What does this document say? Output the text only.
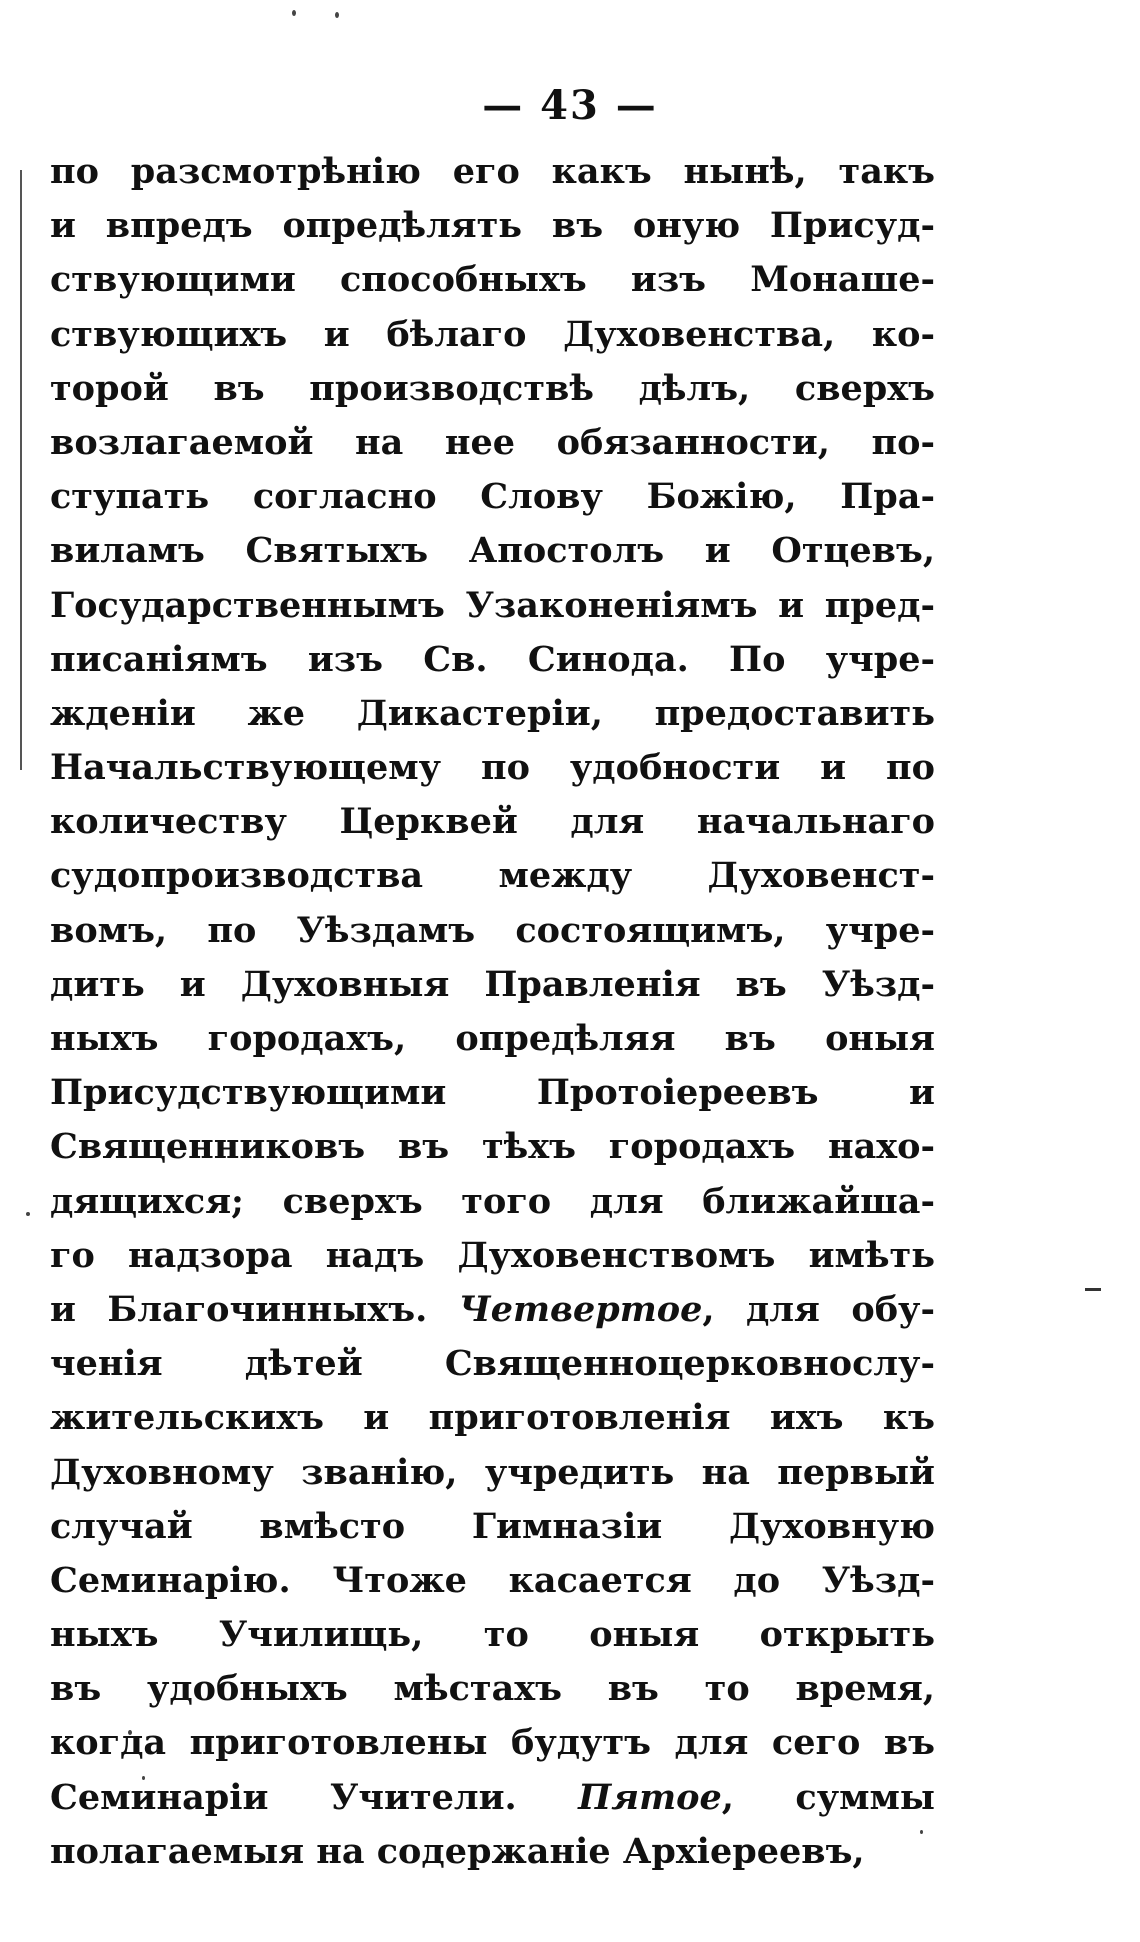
— 43 —
по разсмотрѣнію его какъ нынѣ, такъ
и впредъ опредѣлять въ оную Присуд-
ствующими способныхъ изъ Монаше-
ствующихъ и бѣлаго Духовенства, ко-
торой въ производствѣ дѣлъ, сверхъ
возлагаемой на нее обязанности, по-
ступать согласно Слову Божію, Пра-
виламъ Святыхъ Апостолъ и Отцевъ,
Государственнымъ Узаконеніямъ и пред-
писаніямъ изъ Св. Синода. По учре-
жденіи же Дикастеріи, предоставить
Начальствующему по удобности и по
количеству Церквей для начальнаго
судопроизводства между Духовенст-
вомъ, по Уѣздамъ состоящимъ, учре-
дить и Духовныя Правленія въ Уѣзд-
ныхъ городахъ, опредѣляя въ оныя
Присудствующими Протоіереевъ и
Священниковъ въ тѣхъ городахъ нахо-
дящихся; сверхъ того для ближайша-
го надзора надъ Духовенствомъ имѣть
и Благочинныхъ. Четвертое, для обу-
ченія дѣтей Священноцерковнослу-
жительскихъ и приготовленія ихъ къ
Духовному званію, учредить на первый
случай вмѣсто Гимназіи Духовную
Семинарію. Чтоже касается до Уѣзд-
ныхъ Училищь, то оныя открыть
въ удобныхъ мѣстахъ въ то время,
когда приготовлены будутъ для сего въ
Семинаріи Учители. Пятое, суммы
полагаемыя на содержаніе Архіереевъ,
